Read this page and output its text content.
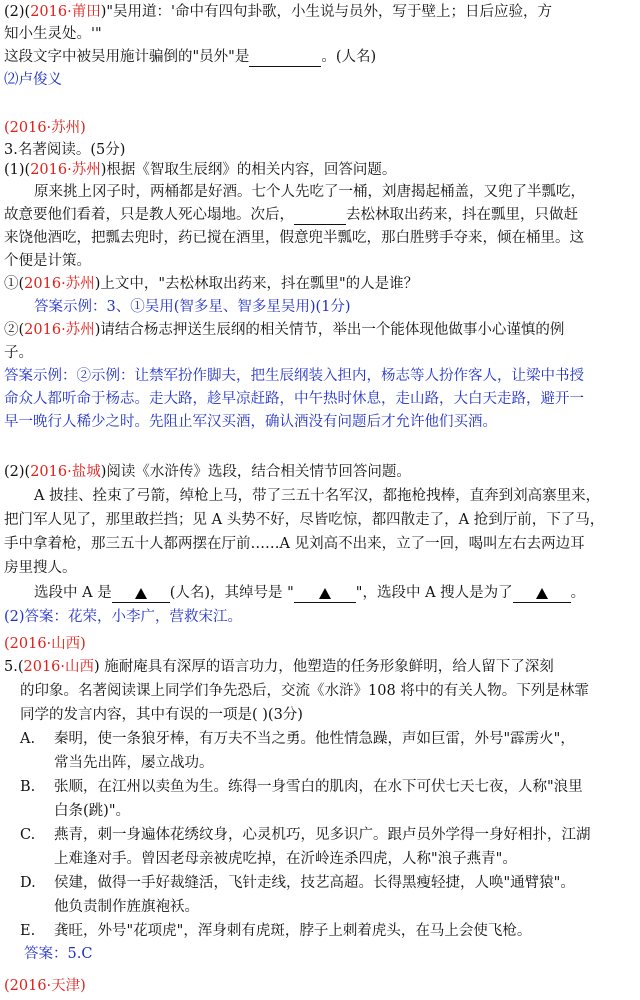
(2)(2016·莆田)"吴用道：'命中有四句卦歌，小生说与员外，写于壁上；日后应验，方
知小生灵处。'"
这段文字中被吴用施计骗倒的"员外"是	。(人名)
⑵卢俊义
(2016·苏州)
3.名著阅读。(5分)
(1)(2016·苏州)根据《智取生辰纲》的相关内容，回答问题。
原来挑上冈子时，两桶都是好酒。七个人先吃了一桶，刘唐揭起桶盖，又兜了半瓢吃，
故意要他们看着，只是教人死心塌地。次后，	去松林取出药来，抖在瓢里，只做赶
来饶他酒吃，把瓢去兜时，药已搅在酒里，假意兜半瓢吃，那白胜劈手夺来，倾在桶里。这
个便是计策。
①(2016·苏州)上文中，"去松林取出药来，抖在瓢里"的人是谁？
答案示例：3、①吴用(智多星、智多星吴用)(1分)
②(2016·苏州)请结合杨志押送生辰纲的相关情节，举出一个能体现他做事小心谨慎的例
子。
答案示例：②示例：让禁军扮作脚夫，把生辰纲装入担内，杨志等人扮作客人，让梁中书授
命众人都听命于杨志。走大路，趁早凉赶路，中午热时休息，走山路，大白天走路，避开一
早一晚行人稀少之时。先阻止军汉买酒，确认酒没有问题后才允许他们买酒。
(2)(2016·盐城)阅读《水浒传》选段，结合相关情节回答问题。
A 披挂、拴束了弓箭，绰枪上马，带了三五十名军汉，都拖枪拽棒，直奔到刘高寨里来，
把门军人见了，那里敢拦挡；见 A 头势不好，尽皆吃惊，都四散走了，A 抢到厅前，下了马，
手中拿着枪，那三五十人都两摆在厅前……A 见刘高不出来，立了一回，喝叫左右去两边耳
房里搜人。
选段中 A 是	(人名)，其绰号是 "	"，选段中 A 搜人是为了	。
(2)答案：花荣，小李广，营救宋江。
(2016·山西)
5.(2016·山西) 施耐庵具有深厚的语言功力，他塑造的任务形象鲜明，给人留下了深刻
的印象。名著阅读课上同学们争先恐后，交流《水浒》108 将中的有关人物。下列是林霏
同学的发言内容，其中有误的一项是( )(3分)
A. 秦明，使一条狼牙棒，有万夫不当之勇。他性情急躁，声如巨雷，外号"霹雳火"，
常当先出阵，屡立战功。
B. 张顺，在江州以卖鱼为生。练得一身雪白的肌肉，在水下可伏七天七夜，人称"浪里
白条(跳)"。
C. 燕青，刺一身遍体花绣纹身，心灵机巧，见多识广。跟卢员外学得一身好相扑，江湖
上难逢对手。曾因老母亲被虎吃掉，在沂岭连杀四虎，人称"浪子燕青"。
D. 侯建，做得一手好裁缝活，飞针走线，技艺高超。长得黑瘦轻捷，人唤"通臂猿"。
他负责制作旌旗袍袄。
E. 龚旺，外号"花项虎"，浑身刺有虎斑，脖子上刺着虎头，在马上会使飞枪。
答案：5.C
(2016·天津)
